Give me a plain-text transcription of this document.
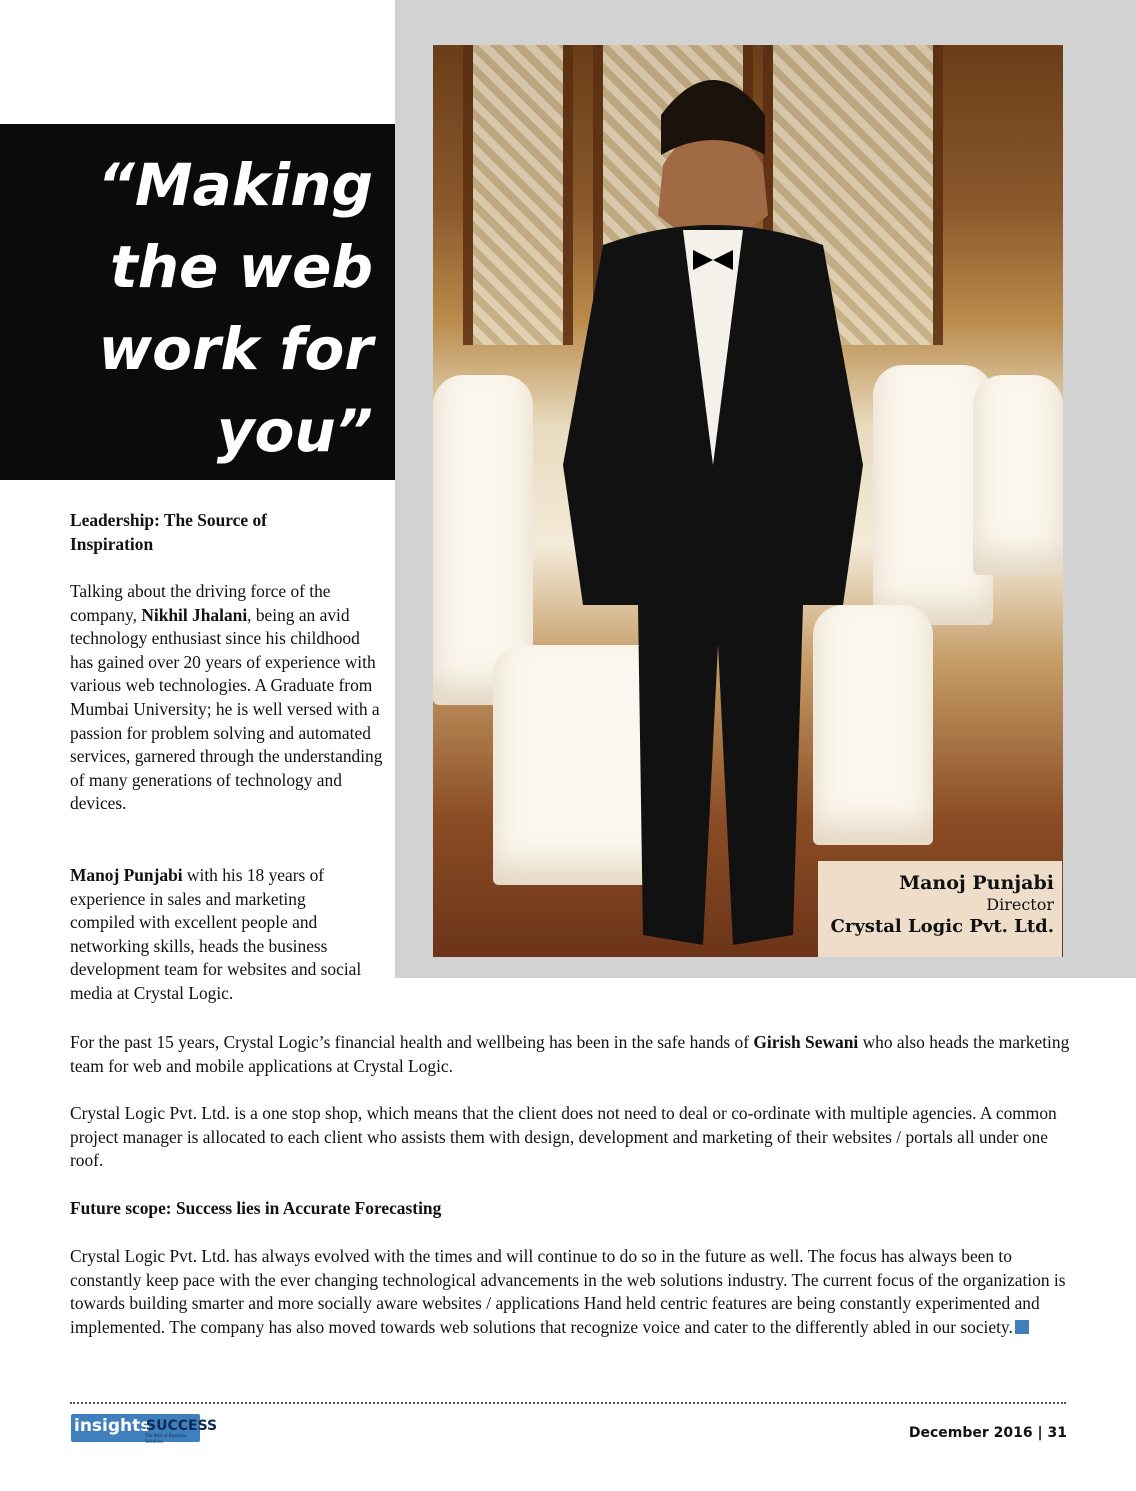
Manoj Punjabi
Director
Crystal Logic Pvt. Ltd.
“Making
the web
work for
you”

Leadership: The Source of

Inspiration

Talking about the driving force of the company, Nikhil Jhalani, being an avid technology enthusiast since his childhood has gained over 20 years of experience with various web technologies. A Graduate from Mumbai University; he is well versed with a passion for problem solving and automated services, garnered through the understanding of many generations of technology and devices.

Manoj Punjabi with his 18 years of experience in sales and marketing compiled with excellent people and networking skills, heads the business development team for websites and social media at Crystal Logic.

For the past 15 years, Crystal Logic’s financial health and wellbeing has been in the safe hands of Girish Sewani who also heads the marketing team for web and mobile applications at Crystal Logic.

Crystal Logic Pvt. Ltd. is a one stop shop, which means that the client does not need to deal or co-ordinate with multiple agencies. A common project manager is allocated to each client who assists them with design, development and marketing of their websites / portals all under one roof.

Future scope: Success lies in Accurate Forecasting

Crystal Logic Pvt. Ltd. has always evolved with the times and will continue to do so in the future as well. The focus has always been to constantly keep pace with the ever changing technological advancements in the web solutions industry. The current focus of the organization is towards building smarter and more socially aware websites / applications Hand held centric features are being constantly experimented and implemented. The company has also moved towards web solutions that recognize voice and cater to the differently abled in our society.

insights
SUCCESS
The Best of Business Solutions
December 2016 | 31
